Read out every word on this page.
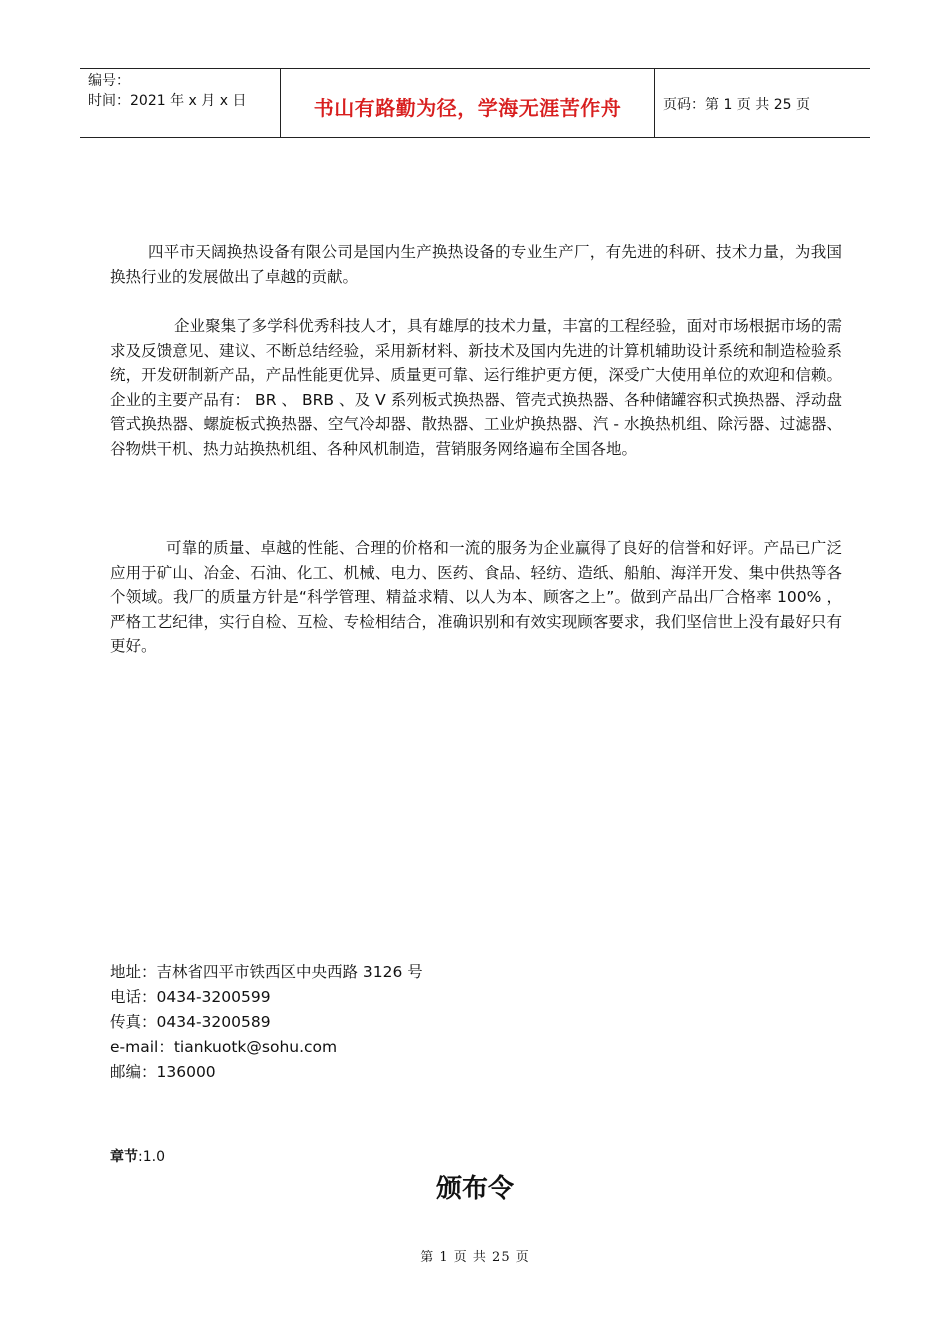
编号：
时间：2021 年 x 月 x 日	书山有路勤为径，学海无涯苦作舟	页码：第 1 页 共 25 页

四平市天阔换热设备有限公司是国内生产换热设备的专业生产厂，有先进的科研、技术力量，为我国换热行业的发展做出了卓越的贡献。

企业聚集了多学科优秀科技人才，具有雄厚的技术力量，丰富的工程经验，面对市场根据市场的需求及反馈意见、建议、不断总结经验，采用新材料、新技术及国内先进的计算机辅助设计系统和制造检验系统，开发研制新产品，产品性能更优异、质量更可靠、运行维护更方便，深受广大使用单位的欢迎和信赖。企业的主要产品有： BR 、 BRB 、及 V 系列板式换热器、管壳式换热器、各种储罐容积式换热器、浮动盘管式换热器、螺旋板式换热器、空气冷却器、散热器、工业炉换热器、汽 - 水换热机组、除污器、过滤器、谷物烘干机、热力站换热机组、各种风机制造，营销服务网络遍布全国各地。

可靠的质量、卓越的性能、合理的价格和一流的服务为企业赢得了良好的信誉和好评。产品已广泛应用于矿山、冶金、石油、化工、机械、电力、医药、食品、轻纺、造纸、船舶、海洋开发、集中供热等各个领域。我厂的质量方针是“科学管理、精益求精、以人为本、顾客之上”。做到产品出厂合格率 100% ，严格工艺纪律，实行自检、互检、专检相结合，准确识别和有效实现顾客要求，我们坚信世上没有最好只有更好。

地址：吉林省四平市铁西区中央西路 3126 号
电话：0434-3200599
传真：0434-3200589
e-mail：tiankuotk@sohu.com
邮编：136000
章节:1.0
颁布令
第 1 页 共 25 页
